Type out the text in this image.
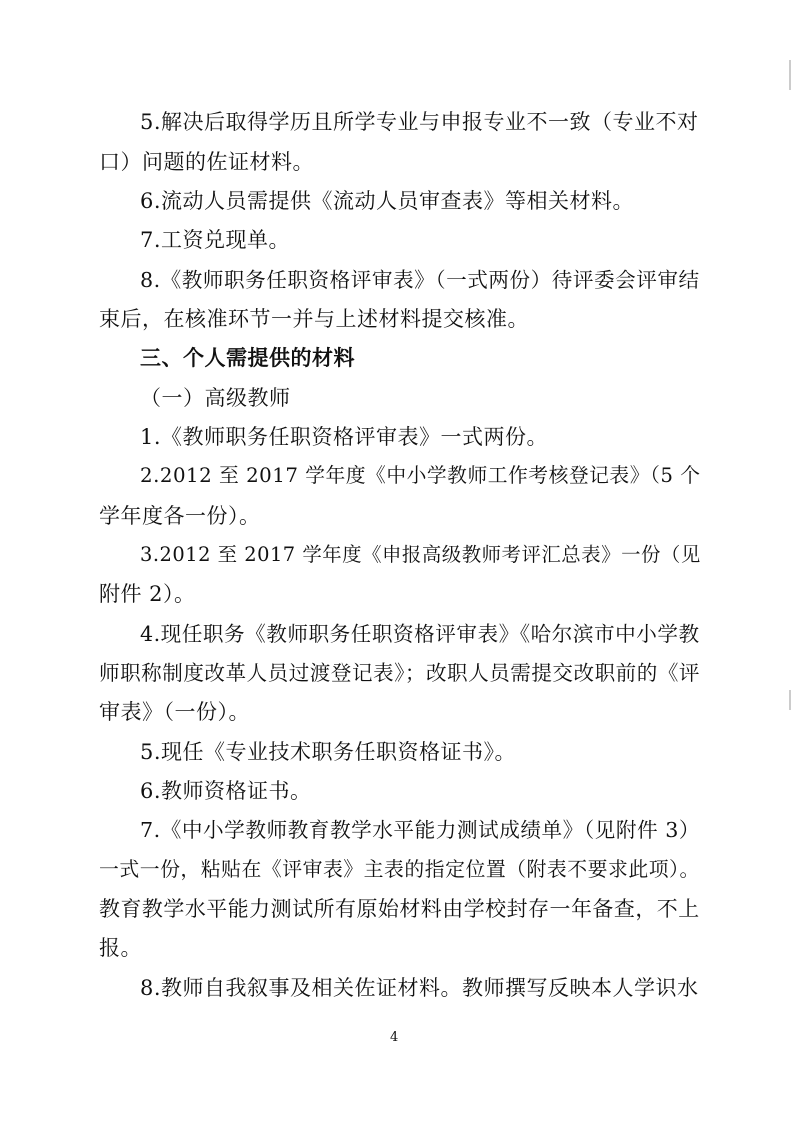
5.解决后取得学历且所学专业与申报专业不一致（专业不对
口）问题的佐证材料。
6.流动人员需提供《流动人员审查表》等相关材料。
7.工资兑现单。
8.《教师职务任职资格评审表》（一式两份）待评委会评审结
束后，在核准环节一并与上述材料提交核准。
三、个人需提供的材料
（一）高级教师
1.《教师职务任职资格评审表》一式两份。
2.2012 至 2017 学年度《中小学教师工作考核登记表》（5 个
学年度各一份）。
3.2012 至 2017 学年度《申报高级教师考评汇总表》一份（见
附件 2）。
4.现任职务《教师职务任职资格评审表》《哈尔滨市中小学教
师职称制度改革人员过渡登记表》；改职人员需提交改职前的《评
审表》（一份）。
5.现任《专业技术职务任职资格证书》。
6.教师资格证书。
7.《中小学教师教育教学水平能力测试成绩单》（见附件 3）
一式一份，粘贴在《评审表》主表的指定位置（附表不要求此项）。
教育教学水平能力测试所有原始材料由学校封存一年备查，不上
报。
8.教师自我叙事及相关佐证材料。教师撰写反映本人学识水
4
